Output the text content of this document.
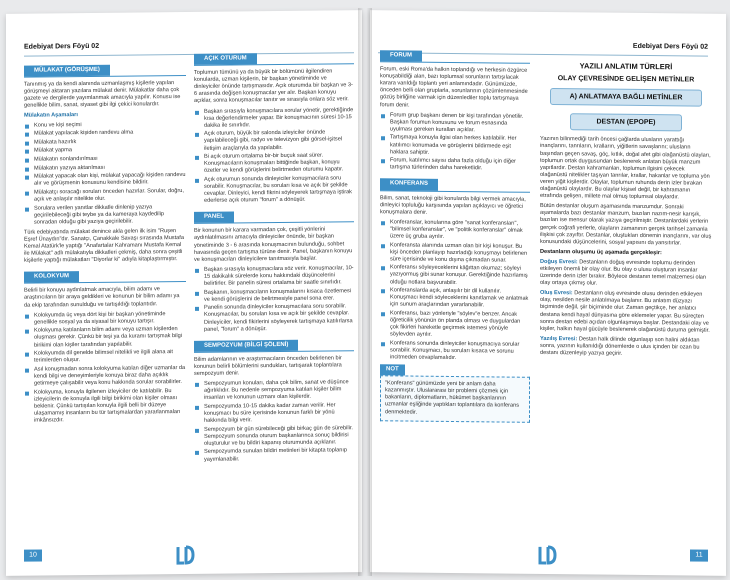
Edebiyat Ders Föyü 02
MÜLAKAT (GÖRÜŞME)

Tanınmış ya da kendi alanında uzmanlaşmış kişilerle yapılan görüşmeyi aktaran yazılara mülakat denir. Mülakatlar daha çok gazete ve dergilerde yayımlanmak amacıyla yapılır. Konusu ise genellikle bilim, sanat, siyaset gibi ilgi çekici konulardır.

Mülakatın Aşamaları
Konu ve kişi seçimi
Mülakat yapılacak kişiden randevu alma
Mülakata hazırlık
Mülakat yapma
Mülakatın sonlandırılması
Mülakatın yazıya aktarılması
Mülakat yapacak olan kişi, mülakat yapacağı kişiden randevu alır ve görüşmenin konusunu kendisine bildirir.
Mülakatçı soracağı soruları önceden hazırlar. Sorular, doğru, açık ve anlaşılır nitelikte olur.
Sorulara verilen yanıtlar dikkatle dinlenip yazıya geçirilebileceği gibi teybe ya da kameraya kaydedilip sonradan olduğu gibi yazıya geçirilebilir.

Türk edebiyatında mülakat denince akla gelen ilk isim "Ruşen Eşref Ünaydın"dır. Sanatçı, Çanakkale Savaşı sırasında Mustafa Kemal Atatürk'le yaptığı "Anafartalar Kahramanı Mustafa Kemal ile Mülakat" adlı mülakatıyla dikkatleri çekmiş, daha sonra çeşitli kişilerle yaptığı mülakatları "Diyorlar ki" adıyla kitaplaştırmıştır.

KOLOKYUM

Belirli bir konuyu aydınlatmak amacıyla, bilim adamı ve araştırıcıların bir araya geldikleri ve konunun bir bilim adamı ya da ekip tarafından sunulduğu ve tartışıldığı toplantıdır.

Kolokyumda üç veya dört kişi bir başkan yönetiminde genellikle sosyal ya da siyasal bir konuyu tartışır.
Kolokyuma katılanların bilim adamı veya uzman kişilerden oluşması gerekir. Çünkü bir teşi ya da kuramı tartışmak bilgi birikimi olan kişiler tarafından yapılabilir.
Kolokyumda dil genelde bilimsel nitelikli ve ilgili alana ait terimlerden oluşur.
Asıl konuşmadan sonra kolokyuma katılan diğer uzmanlar da kendi bilgi ve deneyimleriyle konuya biraz daha açıklık getirmeye çalışabilir veya konu hakkında sorular sorabilirler.
Kolokyuma, konuyla ilgilenen izleyiciler de katılabilir. Bu izleyicilerin de konuyla ilgili bilgi birikimi olan kişiler olması beklenir. Çünkü tartışılan konuyla ilgili belli bir düzeye ulaşamamış insanların bu tür tartışmalardan yararlanmaları imkânsızdır.
AÇIK OTURUM

Toplumun tümünü ya da büyük bir bölümünü ilgilendiren konularda, uzman kişilerin, bir başkan yönetiminde ve dinleyiciler önünde tartışmasıdır. Açık oturumda bir başkan ve 3-6 arasında değişen konuşmacılar yer alır. Başkan konuyu açıklar, sonra konuşmacılar tanıtır ve sırasıyla onlara söz verir.

Başkan sırasıyla konuşmacılara sorular yönetir, gerektiğinde kısa değerlendirmeler yapar. Bir konuşmacının süresi 10-15 dakika ile sınırlıdır.
Açık oturum, büyük bir salonda izleyiciler önünde yapılabileceği gibi, radyo ve televizyon gibi görsel-işitsel iletişim araçlarıyla da yapılabilir.
Bi açık oturum ortalama bir-bir buçuk saat sürer. Konuşmacıların konuşmaları bittiğinde başkan, konuyu özetler ve kendi görüşlerini belirtmeden oturumu kapatır.
Açık oturumun sonunda dinleyiciler konuşmacılara soru sorabilir. Konuşmacılar, bu soruları kısa ve açık bir şekilde cevaplar. Dinleyici, kendi fikrini söyleyerek tartışmaya iştirak ederlerse açık oturum "forum" a dönüşür.
PANEL

Bir konunun bir karara varmadan çok, çeşitli yönlerini aydınlatılmasını amacıyla dinleyiciler önünde, bir başkan yönetiminde 3 - 6 arasında konuşmacının bulunduğu, sohbet havasında geçen tartışma türüne denir. Panel, başkanın konuyu ve konuşmacıları dinleyicilere tanıtmasıyla başlar.

Başkan sırasıyla konuşmacılara söz verir. Konuşmacılar, 10-15 dakikalık sürelerde konu hakkındaki düşüncelerini belirtirler. Bir panelin süresi ortalama bir saatle sınırlıdır.
Başkanın, konuşmacıların konuşmalarını kısaca özetlemesi ve kendi görüşlerini de belirtmesiyle panel sona erer.
Panelin sonunda dinleyiciler konuşmacılara soru sorabilir. Konuşmacılar, bu soruları kısa ve açık bir şekilde cevaplar. Dinleyiciler, kendi fikirlerini söyleyerek tartışmaya katılırlarsa panel, "forum" a dönüşür.
SEMPOZYUM (BİLGİ ŞÖLENİ)

Bilim adamlarının ve araştırmacıların önceden belirlenen bir konunun belirli bölümlerini sundukları, tartışarak toplantılara sempozyum denir.

Sempozyumun konuları, daha çok bilim, sanat ve düşünce ağırlıklıdır. Bu nedenle sempozyuma katılan kişiler bilim insanları ve konunun uzmanı olan kişilerdir.
Sempozyumda 10-15 dakika kadar zaman verilir. Her konuşmacı bu süre içerisinde konunun farklı bir yönü hakkında bilgi verir.
Sempozyum bir gün sürebileceği gibi birkaç gün de sürebilir. Sempozyum sonunda oturum başkanlarınca sonuç bildirisi oluşturulur ve bu bildiri kapanış oturumunda açıklanır.
Sempozyumda sunulan bildiri metinleri bir kitapta toplanıp yayımlanabilir.
10
Edebiyat Ders Föyü 02
FORUM

Forum, eski Roma'da halkın toplandığı ve herkesin özgürce konuşabildiği alan, bazı toplumsal sorunların tartışılacak karara varıldığı toplantı yeri anlamındadır. Günümüzde, önceden belli olan gruplarla, sorunlarının çözümlenmesinde gözüş birliğine varmak için düzenlediler toplu tartışmaya forum denir.

Forum grup başkanı denen bir kişi tarafından yönetilir. Başkan forumun konusunu ve forum esnasında uyulması gereken kuralları açıklar.
Tartışmaya konuyla ilgisi olan herkes katılabilir. Her katılımcı konumada ve görüşlerini bildirmede eşit haklara sahiptir.
Forum, katılımcı sayısı daha fazla olduğu için diğer tartışma türlerinden daha hareketlidir.
KONFERANS

Bilim, sanat, teknoloji gibi konularda bilgi vermek amacıyla, dinleyici topluluğu karşısında yapılan açıklayıcı ve öğretici konuşmalara denir.

Konferanslar, konularına göre "sanat konferansları", "bilimsel konferanslar", ve "politik konferanslar" olmak üzere üç gruba ayrılır.
Konferansta alanında uzman olan bir kişi konuşur. Bu kişi önceden planlayıp hazırladığı konuşmayı belirlenen süre içerisinde ve konu dışına çıkmadan sunar.
Konferansı söyleyeceklerini kâğıttan okumaz; söyleyi yazıyormuş gibi sunar konuşur. Gerektiğinde hazırlamış olduğu notlara başvurabilir.
Konferanslarda açık, anlaşılır bir dil kullanılır. Konuşmacı kendi söyleceklerini kanıtlamak ve anlatmak için sunum araçlarından yararlanabilir.
Konferansı, bazı yönleriyle "söylev"e benzer. Ancak öğreticilik yönünün ön planda olması ve duygulardan çok fikirleri hareketle geçirmek istemesi yönüyle söylevden ayrılır.
Konferans sonunda dinleyiciler konuşmacıya sorular sorabilir. Konuşmacı, bu soruları kısaca ve sorunu incitmeden cevaplamalıdır.
NOT
"Konferans" günümüzde yeni bir anlam daha kazanmıştır. Uluslararası bir problemi çözmek için bakanların, diplomatların, hükümet başkanlarının uzmanlar eşliğinde yaptıkları toplantılara da konferans denmektedir.
YAZILI ANLATIM TÜRLERİ
OLAY ÇEVRESİNDE GELİŞEN METİNLER
A) ANLATMAYA BAĞLI METİNLER
DESTAN (EPOPE)

Yazının bilinmediği tarih öncesi çağlarda ulusların yarattığı inançlarını, tanrıların, kralların, yiğitlerin savaşlarını; ulusların başından geçen savaş, göç, kıtlık, doğal afet gibi olağanüstü olayları, toplumun ortak duygusundan beslenerek anlatan büyük manzum yapıtlardır. Destan kahramanları, toplumun ilgisini çekecek olağanüstü nitelikler taşıyan tanrılar, krallar, hakanlar ve topluma yön veren yiğit kişilerdir. Olaylar, toplumun ruhunda derin izler bırakan olağanüstü olaylardır. Bu olaylar kişisel değil, bir kahramanın etrafında gelişen, millete mal olmuş toplumsal olaylardır.

Bütün destanlar oluşum aşamasında manzumdur. Sonraki aşamalarda bazı destanlar manzum, bazıları nazım-nesir karışık, bazıları ise mensur olarak yazıya geçirilmiştir. Destanlardaki yerlerin gerçek coğrafi yerlerle, olayların zamanının gerçek tarihsel zamanla ilişkisi çok zayıftır. Destanlar, oluştukları dönemin inançlarını, var oluş konusundaki düşüncelerini, sosyal yapısını da yansıtırlar.

Destanların oluşumu üç aşamada gerçekleşir:

Doğuş Evresi: Destanların doğuş evresinde toplumu derinden etkileyen önemli bir olay olur. Bu olay o ulusu oluşturan insanlar üzerinde derin izler bırakır. Böylece destanın temel malzemesi olan olay ortaya çıkmış olur.

Oluş Evresi: Destanların oluş evresinde olusu derinden etkileyen olay, nesilden nesile anlatılmaya başlanır. Bu anlatım düzyazı biçiminde değil, şiir biçiminde olur. Zaman geçtikçe, her anlatıcı destana kendi hayal dünyasına göre eklemeler yapar. Bu süreçten sonra destan edebi açıdan olgunlaşmaya başlar. Destandaki olay ve kişiler, halkın hayal gücüyle beslenerek olağanüstü duruma gelmiştir.

Yazılış Evresi: Destan halk dilinde olgunlaşıp son halini aldıktan sonra, yazının kullanıldığı dönemlerde o ulus içinden bir ozan bu destanı düzenleyip yazıya geçirir.

11
